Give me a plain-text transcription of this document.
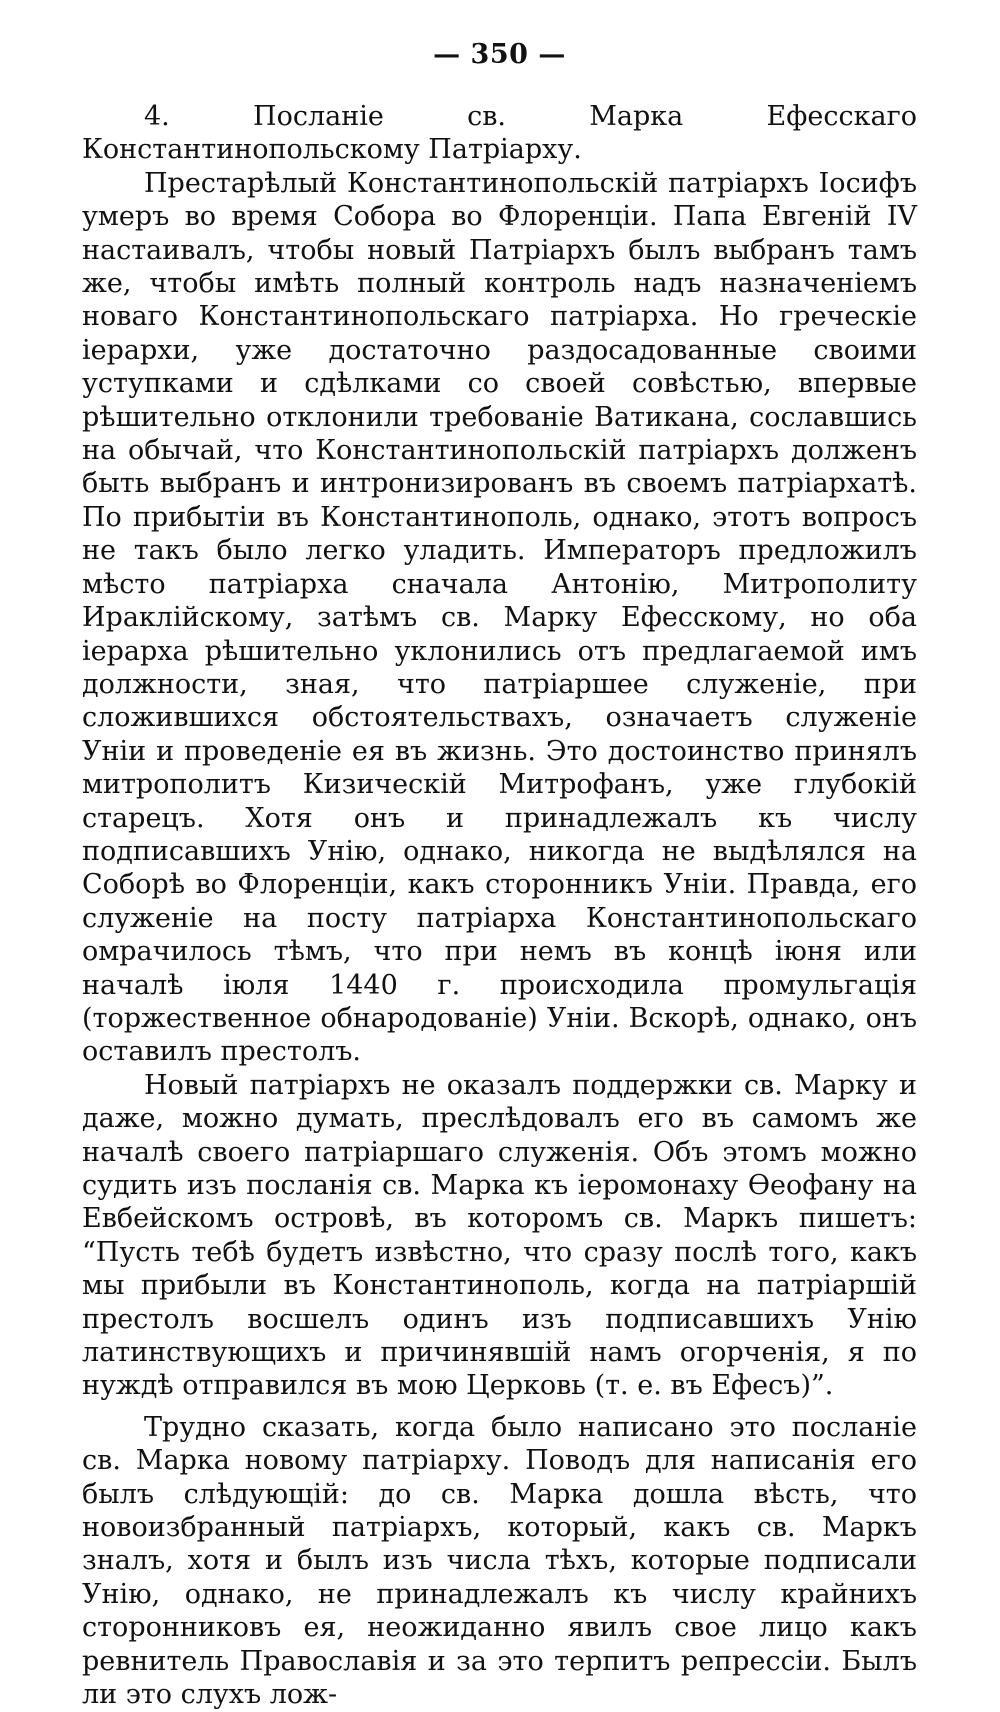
— 350 —

4. Посланіе св. Марка Ефесскаго Константинопольскому Патріарху.

Престарѣлый Константинопольскій патріархъ Іосифъ умеръ во время Собора во Флоренціи. Папа Евгеній IV настаивалъ, чтобы новый Патріархъ былъ выбранъ тамъ же, чтобы имѣть полный контроль надъ назначеніемъ новаго Константинопольскаго патріарха. Но греческіе іерархи, уже достаточно раздосадованные своими уступками и сдѣлками со своей совѣстью, впервые рѣшительно отклонили требованіе Ватикана, сославшись на обычай, что Константинопольскій патріархъ долженъ быть выбранъ и интронизированъ въ своемъ патріархатѣ. По прибытіи въ Константинополь, однако, этотъ вопросъ не такъ было легко уладить. Императоръ предложилъ мѣсто патріарха сначала Антонію, Митрополиту Ираклійскому, затѣмъ св. Марку Ефесскому, но оба іерарха рѣшительно уклонились отъ предлагаемой имъ должности, зная, что патріаршее служеніе, при сложившихся обстоятельствахъ, означаетъ служеніе Уніи и проведеніе ея въ жизнь. Это достоинство принялъ митрополитъ Кизическій Митрофанъ, уже глубокій старецъ. Хотя онъ и принадлежалъ къ числу подписавшихъ Унію, однако, никогда не выдѣлялся на Соборѣ во Флоренціи, какъ сторонникъ Уніи. Правда, его служеніе на посту патріарха Константинопольскаго омрачилось тѣмъ, что при немъ въ концѣ іюня или началѣ іюля 1440 г. происходила промульгація (торжественное обнародованіе) Уніи. Вскорѣ, однако, онъ оставилъ престолъ.

Новый патріархъ не оказалъ поддержки св. Марку и даже, можно думать, преслѣдовалъ его въ самомъ же началѣ своего патріаршаго служенія. Объ этомъ можно судить изъ посланія св. Марка къ іеромонаху Ѳеофану на Евбейскомъ островѣ, въ которомъ св. Маркъ пишетъ: “Пусть тебѣ будетъ извѣстно, что сразу послѣ того, какъ мы прибыли въ Константинополь, когда на патріаршій престолъ восшелъ одинъ изъ подписавшихъ Унію латинствующихъ и причинявшій намъ огорченія, я по нуждѣ отправился въ мою Церковь (т. е. въ Ефесъ)”.

Трудно сказать, когда было написано это посланіе св. Марка новому патріарху. Поводъ для написанія его былъ слѣдующій: до св. Марка дошла вѣсть, что новоизбранный патріархъ, который, какъ св. Маркъ зналъ, хотя и былъ изъ числа тѣхъ, которые подписали Унію, однако, не принадлежалъ къ числу крайнихъ сторонниковъ ея, неожиданно явилъ свое лицо какъ ревнитель Православія и за это терпитъ репрессіи. Былъ ли это слухъ лож-
